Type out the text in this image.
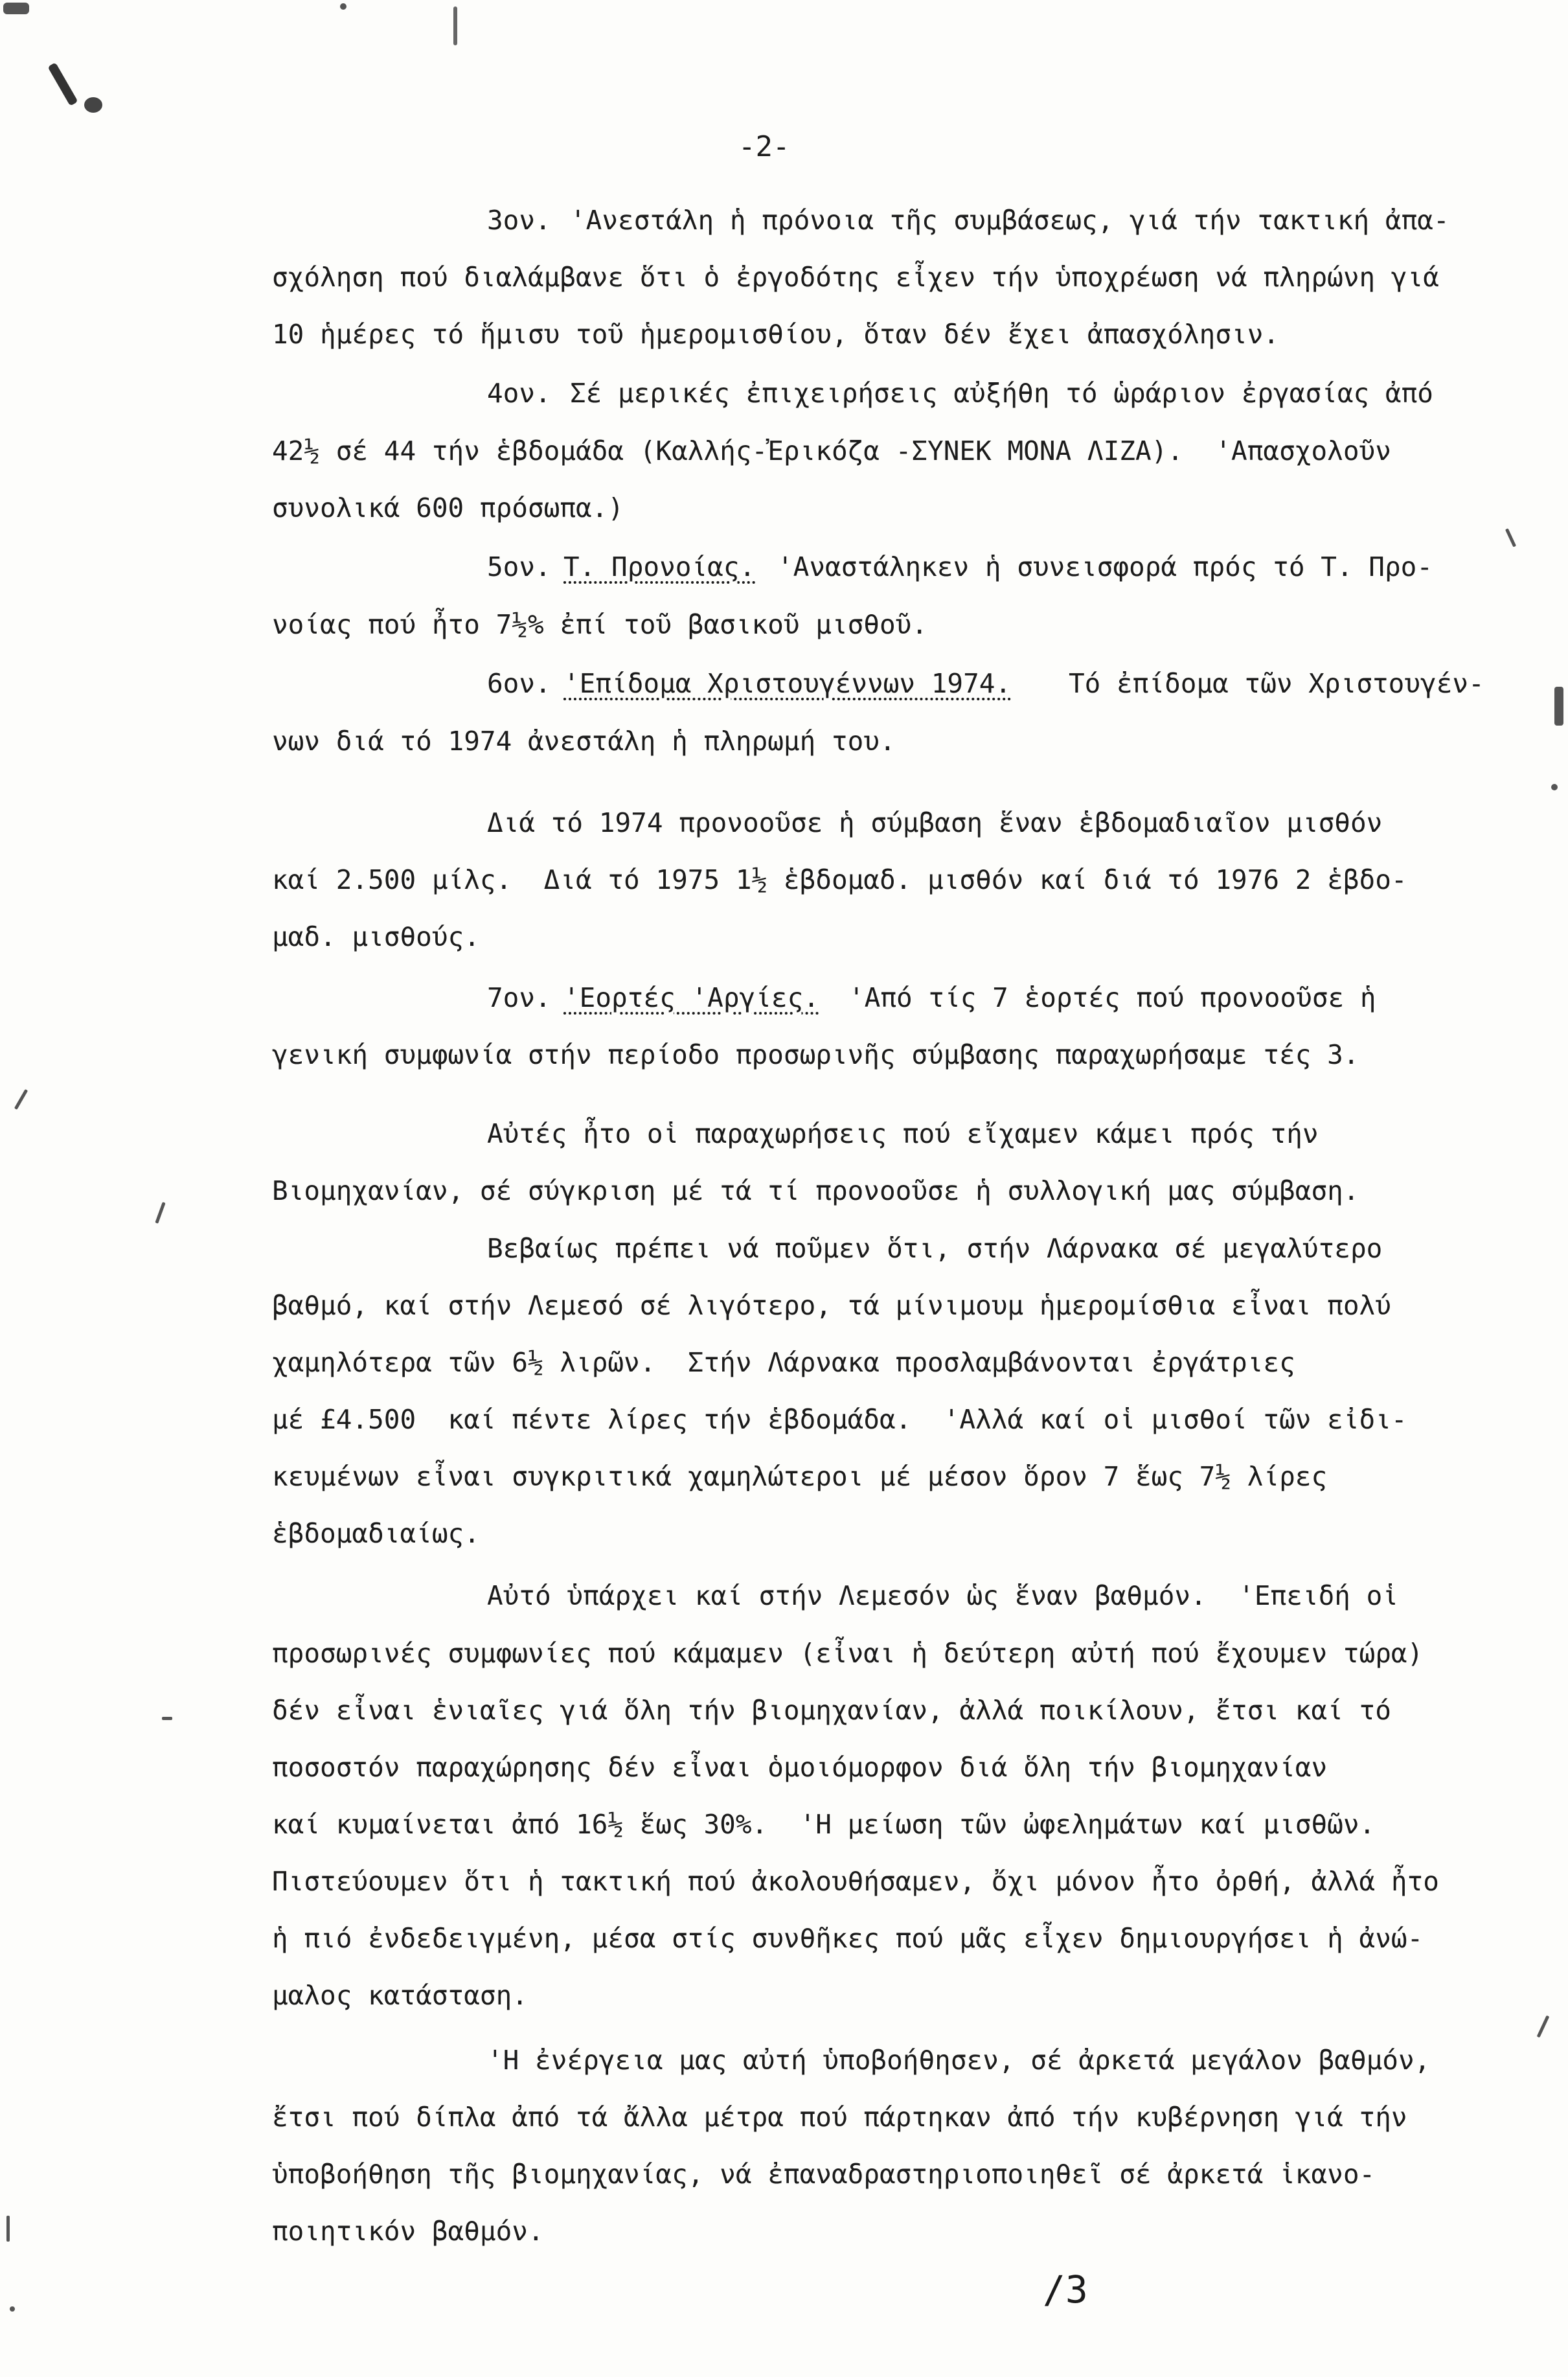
-2-
3ον. 'Ανεστάλη ἡ πρόνοια τῆς συμβάσεως, γιά τήν τακτική ἀπα-
σχόληση πού διαλάμβανε ὅτι ὁ ἐργοδότης εἶχεν τήν ὑποχρέωση νά πληρώνη γιά
10 ἡμέρες τό ἥμισυ τοῦ ἡμερομισθίου, ὅταν δέν ἔχει ἀπασχόλησιν.
4ον. Σέ μερικές ἐπιχειρήσεις αὐξήθη τό ὡράριον ἐργασίας ἀπό
42½ σέ 44 τήν ἑβδομάδα (Καλλής-Ἐρικόζα -ΣΥΝΕΚ ΜΟΝΑ ΛΙΖΑ).  'Απασχολοῦν
συνολικά 600 πρόσωπα.)
5ον. Τ. Προνοίας. 'Αναστάληκεν ἡ συνεισφορά πρός τό Τ. Προ-
νοίας πού ἦτο 7½% ἐπί τοῦ βασικοῦ μισθοῦ.
6ον. 'Επίδομα Χριστουγέννων 1974. Τό ἐπίδομα τῶν Χριστουγέν-
νων διά τό 1974 ἀνεστάλη ἡ πληρωμή του.
Διά τό 1974 προνοοῦσε ἡ σύμβαση ἕναν ἑβδομαδιαῖον μισθόν
καί 2.500 μίλς.  Διά τό 1975 1½ ἑβδομαδ. μισθόν καί διά τό 1976 2 ἑβδο-
μαδ. μισθούς.
7ον. 'Εορτές 'Αργίες. 'Από τίς 7 ἑορτές πού προνοοῦσε ἡ
γενική συμφωνία στήν περίοδο προσωρινῆς σύμβασης παραχωρήσαμε τές 3.
Αὐτές ἦτο οἱ παραχωρήσεις πού εἴχαμεν κάμει πρός τήν
Βιομηχανίαν, σέ σύγκριση μέ τά τί προνοοῦσε ἡ συλλογική μας σύμβαση.
Βεβαίως πρέπει νά ποῦμεν ὅτι, στήν Λάρνακα σέ μεγαλύτερο
βαθμό, καί στήν Λεμεσό σέ λιγότερο, τά μίνιμουμ ἡμερομίσθια εἶναι πολύ
χαμηλότερα τῶν 6½ λιρῶν.  Στήν Λάρνακα προσλαμβάνονται ἐργάτριες
μέ £4.500  καί πέντε λίρες τήν ἑβδομάδα.  'Αλλά καί οἱ μισθοί τῶν εἰδι-
κευμένων εἶναι συγκριτικά χαμηλώτεροι μέ μέσον ὅρον 7 ἕως 7½ λίρες
ἑβδομαδιαίως.
Αὐτό ὑπάρχει καί στήν Λεμεσόν ὡς ἕναν βαθμόν.  'Επειδή οἱ
προσωρινές συμφωνίες πού κάμαμεν (εἶναι ἡ δεύτερη αὐτή πού ἔχουμεν τώρα)
δέν εἶναι ἑνιαῖες γιά ὅλη τήν βιομηχανίαν, ἀλλά ποικίλουν, ἔτσι καί τό
ποσοστόν παραχώρησης δέν εἶναι ὁμοιόμορφον διά ὅλη τήν βιομηχανίαν
καί κυμαίνεται ἀπό 16½ ἕως 30%.  'Η μείωση τῶν ὠφελημάτων καί μισθῶν.
Πιστεύουμεν ὅτι ἡ τακτική πού ἀκολουθήσαμεν, ὄχι μόνον ἦτο ὀρθή, ἀλλά ἦτο
ἡ πιό ἐνδεδειγμένη, μέσα στίς συνθῆκες πού μᾶς εἶχεν δημιουργήσει ἡ ἀνώ-
μαλος κατάσταση.
'Η ἐνέργεια μας αὐτή ὑποβοήθησεν, σέ ἀρκετά μεγάλον βαθμόν,
ἔτσι πού δίπλα ἀπό τά ἄλλα μέτρα πού πάρτηκαν ἀπό τήν κυβέρνηση γιά τήν
ὑποβοήθηση τῆς βιομηχανίας, νά ἐπαναδραστηριοποιηθεῖ σέ ἀρκετά ἱκανο-
ποιητικόν βαθμόν.
/3
